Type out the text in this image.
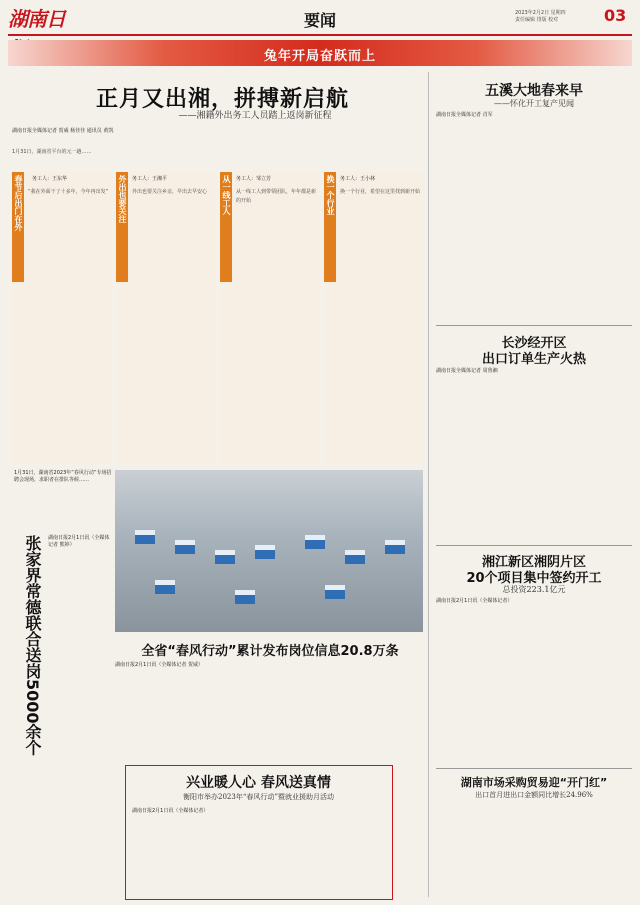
湖南日	要闻	2023年2月2日 星期四
责任编辑 排版 校对	03
兔年开局奋跃而上
正月又出湘，拼搏新启航
——湘籍外出务工人员踏上返岗新征程
湖南日报全媒体记者 贺威 杨佳佳 通讯员 黄凯
1月31日，湖南省平台的元一趟……
春节后出门在外 务工人：王东华
“我在外面干了十多年，今年再出发” 外出也要关注 务工人：王湘平
外出也要关注乡亲，早出去早安心	从一线工人 务工人：邹立芳
从一线工人到带领团队，年年都是新的开始	换一个行业 务工人：王小林
换一个行业，希望在这里找到新开始
五溪大地春来早
——怀化开工复产见闻
湖南日报全媒体记者 肖军
长沙经开区
出口订单生产火热
湖南日报全媒体记者 周鲁湘
湘江新区湘阴片区
20个项目集中签约开工
总投资223.1亿元
湖南日报2月1日讯（全媒体记者）
湖南市场采购贸易迎“开门红”
出口首月进出口金额同比增长24.96%
张家界常德联合送岗5000余个 湖南日报2月1日讯（全媒体记者 熊婷）
1月31日，湖南省2023年“春风行动”专场招聘会现场，求职者在排队等候……
全省“春风行动”累计发布岗位信息20.8万条
湖南日报2月1日讯（全媒体记者 贺威）
兴业暖人心 春风送真情
衡阳市举办2023年“春风行动”暨就业援助月活动
湖南日报2月1日讯（全媒体记者）
